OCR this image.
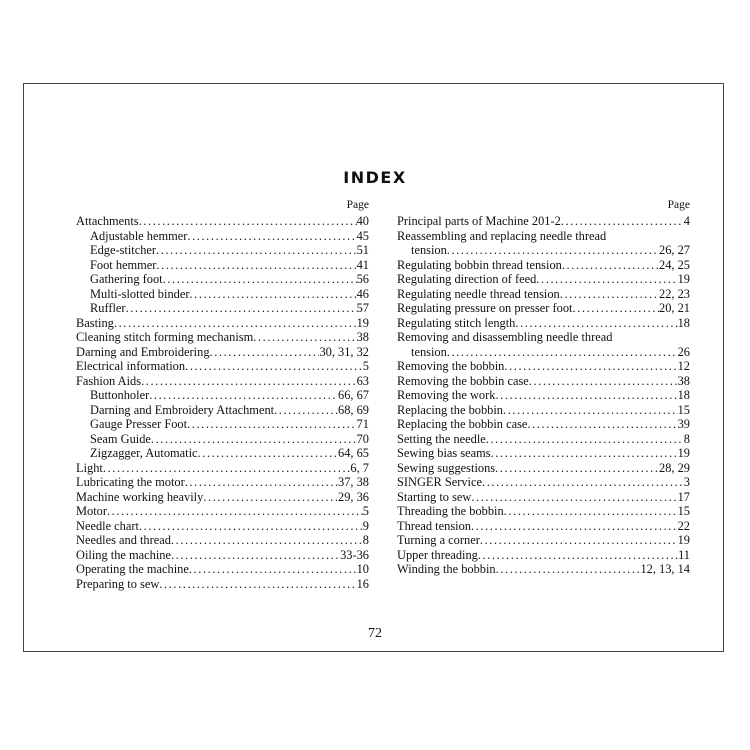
INDEX
Page
Attachments .....	40
Adjustable hemmer .....	45
Edge-stitcher .....	51
Foot hemmer .....	41
Gathering foot .....	56
Multi-slotted binder .....	46
Ruffler .....	57
Basting .....	19
Cleaning stitch forming mechanism .....	38
Darning and Embroidering .....	30, 31, 32
Electrical information .....	5
Fashion Aids .....	63
Buttonholer .....	66, 67
Darning and Embroidery Attachment .....	68, 69
Gauge Presser Foot .....	71
Seam Guide .....	70
Zigzagger, Automatic .....	64, 65
Light .....	6, 7
Lubricating the motor .....	37, 38
Machine working heavily .....	29, 36
Motor .....	5
Needle chart .....	9
Needles and thread .....	8
Oiling the machine .....	33-36
Operating the machine .....	10
Preparing to sew .....	16
Page
Principal parts of Machine 201-2 .....	4
Reassembling and replacing needle thread
tension .....	26, 27
Regulating bobbin thread tension .....	24, 25
Regulating direction of feed .....	19
Regulating needle thread tension .....	22, 23
Regulating pressure on presser foot .....	20, 21
Regulating stitch length .....	18
Removing and disassembling needle thread
tension .....	26
Removing the bobbin .....	12
Removing the bobbin case .....	38
Removing the work .....	18
Replacing the bobbin .....	15
Replacing the bobbin case .....	39
Setting the needle .....	8
Sewing bias seams .....	19
Sewing suggestions .....	28, 29
SINGER Service .....	3
Starting to sew .....	17
Threading the bobbin .....	15
Thread tension .....	22
Turning a corner .....	19
Upper threading .....	11
Winding the bobbin .....	12, 13, 14
72
